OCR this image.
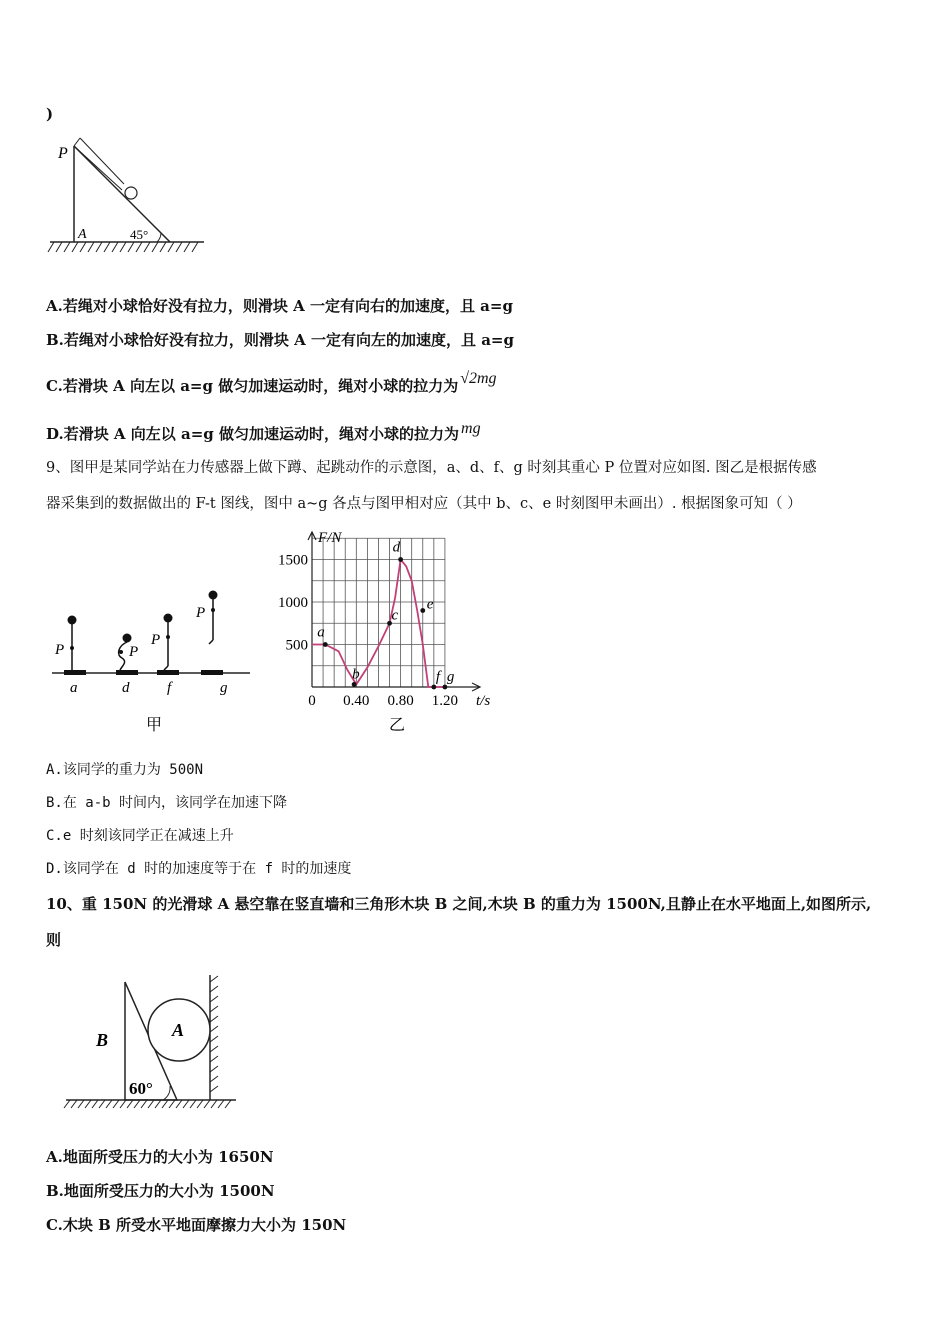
)
P
A	45°
A.若绳对小球恰好没有拉力，则滑块 A 一定有向右的加速度，且 a=g
B.若绳对小球恰好没有拉力，则滑块 A 一定有向左的加速度，且 a=g
C.若滑块 A 向左以 a=g 做匀加速运动时，绳对小球的拉力为 √2mg
D.若滑块 A 向左以 a=g 做匀加速运动时，绳对小球的拉力为 mg
9、图甲是某同学站在力传感器上做下蹲、起跳动作的示意图，a、d、f、g 时刻其重心 P 位置对应如图. 图乙是根据传感
器采集到的数据做出的 F-t 图线，图中 a~g 各点与图甲相对应（其中 b、c、e 时刻图甲未画出）. 根据图象可知（ ）
P	P
P
P
a	d	f	g
甲
F/N
t/s
500
1000
1500
0 0.40 0.80 1.20
a
b
c
d
e
f g
乙
A.该同学的重力为 500N
B.在 a-b 时间内，该同学在加速下降
C.e 时刻该同学正在减速上升
D.该同学在 d 时的加速度等于在 f 时的加速度
10、重 150N 的光滑球 A 悬空靠在竖直墙和三角形木块 B 之间,木块 B 的重力为 1500N,且静止在水平地面上,如图所示,
则
B	A
60°
A.地面所受压力的大小为 1650N
B.地面所受压力的大小为 1500N
C.木块 B 所受水平地面摩擦力大小为 150N
